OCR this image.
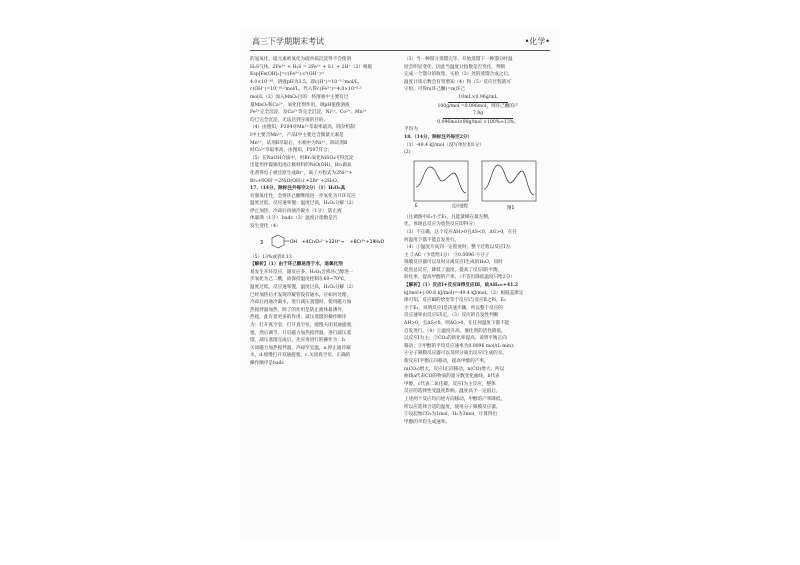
高三下学期期末考试	•化学•
的氢氧化，硫元素被氧化为硫单质沉淀得不会使溶
H₂S气体，2Fe³⁺ + H₂S = 2Fe²⁺ + S↓ + 2H⁺（2）根据
Ksp[Fe(OH)₃]=c(Fe³⁺)·c³(OH⁻)=
4.0×10⁻³⁸，溶液pH为3.5，即c(H⁺)=10⁻³·⁵mol/L，
c(OH⁻)=10⁻¹⁰·⁵mol/L，代入得c(Fe³⁺)=4.0×10⁻⁶·⁵
mol/L（3）加入MnO₂目的：将溶液中主要有过
量MnO₂和Ca²⁺，氧化化剂作用，调pH值使溶液
Fe³⁺完全沉淀，及Ca²⁺等完全沉淀，Ni²⁺、Co²⁺、Mn²⁺
均已完全沉淀，无法达到分离的目的；
（4）由图知，P204对Mn²⁺萃取率最高，除杂机制
Ⅰ中主要含Mn²⁺，产品Ⅰ中主要还含微量元素是
Mn²⁺，试剂B萃取后，水相中为Ni²⁺，除试剂B
时Co²⁺萃取率高，由图知，P507符合；
（5）在NaOH介质中，用Br₂氧化NiSO₄可得沉淀
出能用作镍锡电池正极材料的NiO(OH)，Br₂做氧
化剂得电子被还原生成Br⁻，离子方程式为2Ni²⁺+
Br₂+6OH⁻=2NiO(OH)↓+2Br⁻+2H₂O。
17.（14分，除标注外每空2分）（1）H₂O₂具
有强氧化性，会将环己酮继续进一步氧化为开环反应
温度过低，反应速率慢；温度过高，H₂O₂分解（2）
停止加热，冷却后再通冷凝水（1分） 防止液
体暴沸（1分） badc（3）温度计指数是否
发生变化（4）
3	OH +4Cr₂O₇²⁻+32H⁺→ +8Cr³⁺+19H₂O
（5）13%或者0.13
【解析】（1）由于环己醇易溶于水，退氧化剂
易发生开环反应，副反应多，H₂O₂会将环己醇进一
步氧化为己二酸，故保持温度控制在60~70℃，
温度过低，反应速率慢，温度过高，H₂O₂分解（2）
已经加热后才发现冷凝管没有通水，应如何处理，
冷却后再通冷凝水，进行减压蒸馏时，使用磁力加
热搅拌器加热，除了的作用是防止液体暴沸外，
热搅，此有着更多的作用；减压蒸馏的操作顺序
为：打开真空泵，打开真空泵，缓慢关闭双通旋塞，
塞，然后调节，开启磁力加热搅拌器，进行减压蒸
馏，减压蒸馏完成后，先应再进行的操作为：b.
关闭磁力加热搅拌器，冷却至室温，a.停止通冷凝
水，d.缓慢打开双通旋塞，c.关闭真空泵，正确的
操作顺序是badc
（3）当一种馏分蒸馏完毕，开始蒸馏下一种馏分时温
度会明显变化，因此当温度计指数是否变化，判断
完成一个馏分的收集，实验（3）处的蒸馏合成之后，
温度计读示数会有突增知（4）和（5）反应过程就可
守恒，可得n(环己酮)=n(环己
10mL×0.96g/mL
100g/mol =0.096mol，则环己酮的产
7.8g
0.096mol×98g/mol ×100%≈13%。
平均为
18.（14分，除标注外每空2分）
（1）-49.4 kJ/mol（没写单位扣1分）
(2)
E	反应进程
图1
（注调图中E₂小于E₁，且能量峰在最左侧，
化，体现总反应为放热反应即得分）
（3）不正确，这个反应ΔH>0且ΔS<0，ΔG>0，在任
何温度下都不能自发进行。
（4）①温度升高到一定程度时，整个过程以反应Ⅰ为
主 ②AC（少选给1分） ③0.0096 ④分子
筛膜反应器可以及时分离反应Ⅰ生成的H₂O，同时
促进总反应，降低了温度，提高了反应Ⅰ的平衡，
转化率，提高甲醇的产率。（不答出降低温度只给2分）
【解析】（1）反应Ⅰ+反应Ⅱ得反应Ⅲ，故ΔH₃=+41.2
kJ/mol+(-90.6 kJ/mol)=-49.4 kJ/mol。（2）根据盖斯定
律可知，反应Ⅲ的焓变等于反应Ⅰ与反应Ⅱ之和，E₂
小于E₁，说明反应Ⅰ是决速步骤，所以整个反应的
反应速率由反应Ⅰ决定，（3）反应的自发性判断
ΔH>0，且ΔS<0，则ΔG>0，在任何温度下都不能
自发进行。（4）①温度升高，催化剂的活性降低，
以反应Ⅰ为主；②CO₂的转化率提高，说明平衡正向
移动；③甲醇的平均反应速率为0.0096 mol/(L·min)；
④分子筛膜反应器可以及时分离出反应Ⅰ生成的水，
使反应Ⅰ平衡正向移动，提高甲醇的产率。
n(CO₂)增大，反应Ⅰ正向移动，n(CO)增大，所以
曲线a代表CO的物质的量分数变化曲线，b代表
甲醇，c代表二氧化碳，反应Ⅰ为主反应，整体
反应的选择性受温度影响，温度高于一定值后，
上述两个反应均向逆方向移动，甲醇的产率降低，
所以应选择合适的温度，使用分子筛膜反应器。
③设起始CO₂为1mol，H₂为3mol，计算得出
甲醇的平均生成速率。
